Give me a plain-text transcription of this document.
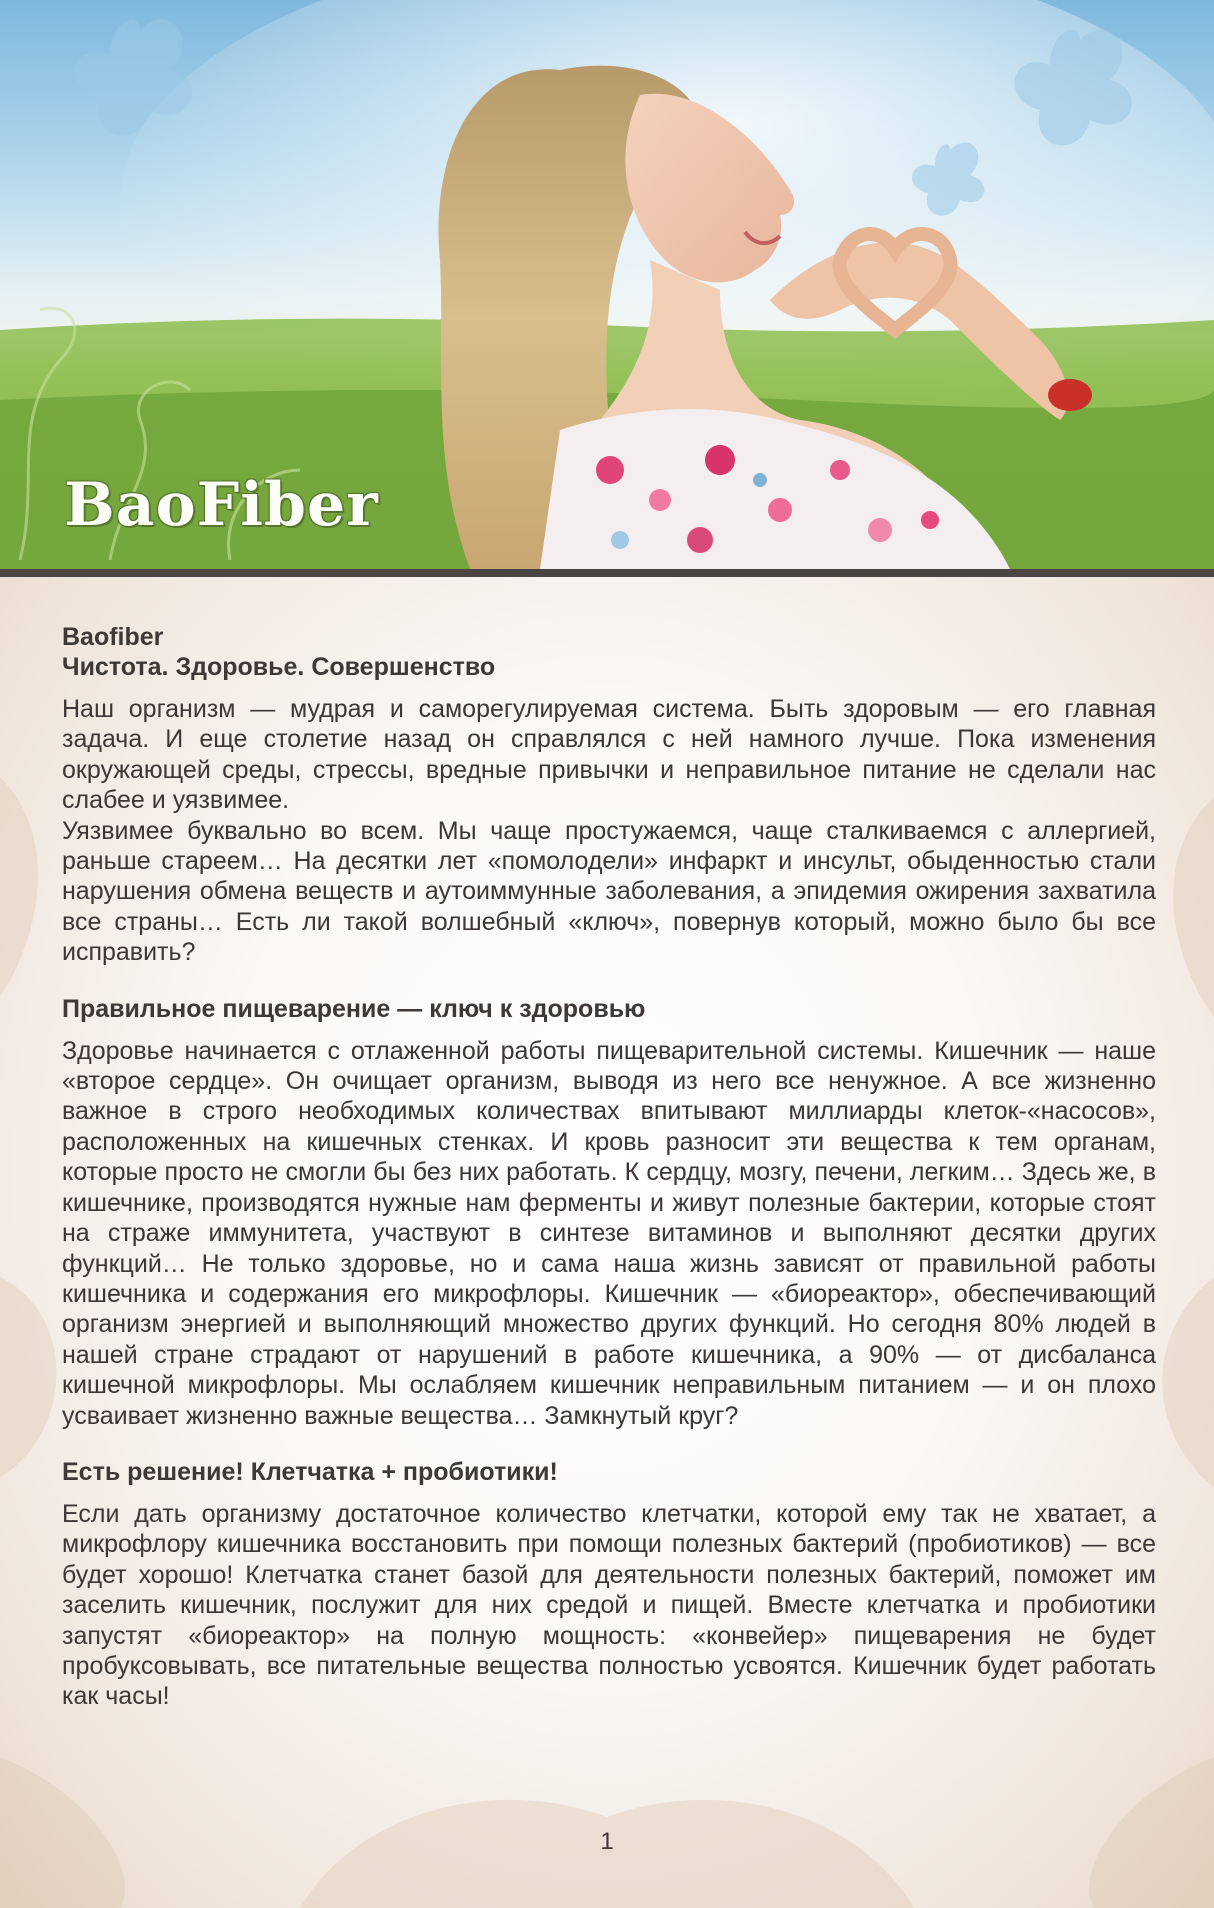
BaoFiber
Baofiber
Чистота. Здоровье. Совершенство

Наш организм — мудрая и саморегулируемая система. Быть здоровым — его главная задача. И еще столетие назад он справлялся с ней намного лучше. Пока изменения окружающей среды, стрессы, вредные привычки и неправильное питание не сделали нас слабее и уязвимее.

Уязвимее буквально во всем. Мы чаще простужаемся, чаще сталкиваемся с аллергией, раньше стареем… На десятки лет «помолодели» инфаркт и инсульт, обыденностью стали нарушения обмена веществ и аутоиммунные заболевания, а эпидемия ожирения захватила все страны… Есть ли такой волшебный «ключ», повернув который, можно было бы все исправить?

Правильное пищеварение — ключ к здоровью

Здоровье начинается с отлаженной работы пищеварительной системы. Кишечник — наше «второе сердце». Он очищает организм, выводя из него все ненужное. А все жизненно важное в строго необходимых количествах впитывают миллиарды клеток-«насосов», расположенных на кишечных стенках. И кровь разносит эти вещества к тем органам, которые просто не смогли бы без них работать. К сердцу, мозгу, печени, легким… Здесь же, в кишечнике, производятся нужные нам ферменты и живут полезные бактерии, которые стоят на страже иммунитета, участвуют в синтезе витаминов и выполняют десятки других функций… Не только здоровье, но и сама наша жизнь зависят от правильной работы кишечника и содержания его микрофлоры. Кишечник — «биореактор», обеспечивающий организм энергией и выполняющий множество других функций. Но сегодня 80% людей в нашей стране страдают от нарушений в работе кишечника, а 90% — от дисбаланса кишечной микрофлоры. Мы ослабляем кишечник неправильным питанием — и он плохо усваивает жизненно важные вещества… Замкнутый круг?

Есть решение! Клетчатка + пробиотики!

Если дать организму достаточное количество клетчатки, которой ему так не хватает, а микрофлору кишечника восстановить при помощи полезных бактерий (пробиотиков) — все будет хорошо! Клетчатка станет базой для деятельности полезных бактерий, поможет им заселить кишечник, послужит для них средой и пищей. Вместе клетчатка и пробиотики запустят «биореактор» на полную мощность: «конвейер» пищеварения не будет пробуксовывать, все питательные вещества полностью усвоятся. Кишечник будет работать как часы!

1
